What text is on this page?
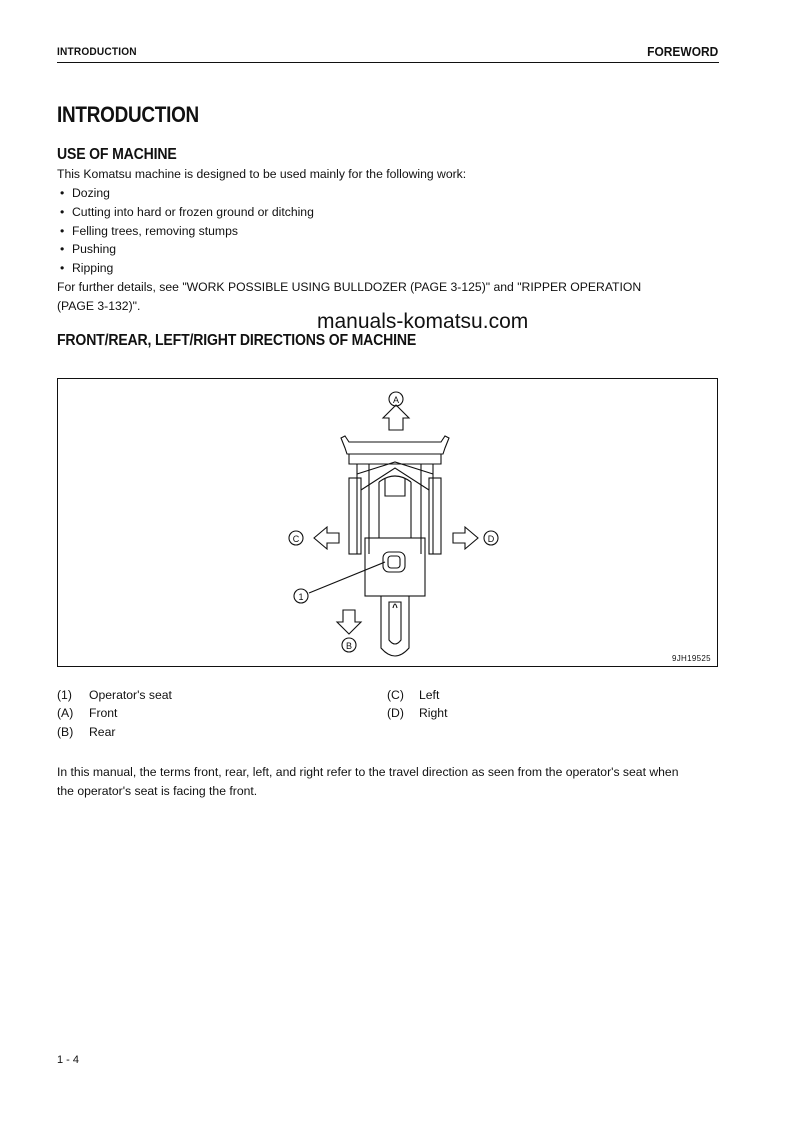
INTRODUCTION	FOREWORD
INTRODUCTION
USE OF MACHINE
This Komatsu machine is designed to be used mainly for the following work:
• Dozing
• Cutting into hard or frozen ground or ditching
• Felling trees, removing stumps
• Pushing
• Ripping
For further details, see "WORK POSSIBLE USING BULLDOZER (PAGE 3-125)" and "RIPPER OPERATION
(PAGE 3-132)".
manuals-komatsu.com
FRONT/REAR, LEFT/RIGHT DIRECTIONS OF MACHINE
A
1
C	D
B
9JH19525
(1) Operator's seat
(A) Front
(B) Rear
(C) Left
(D) Right
In this manual, the terms front, rear, left, and right refer to the travel direction as seen from the operator's seat when
the operator's seat is facing the front.
1 - 4
